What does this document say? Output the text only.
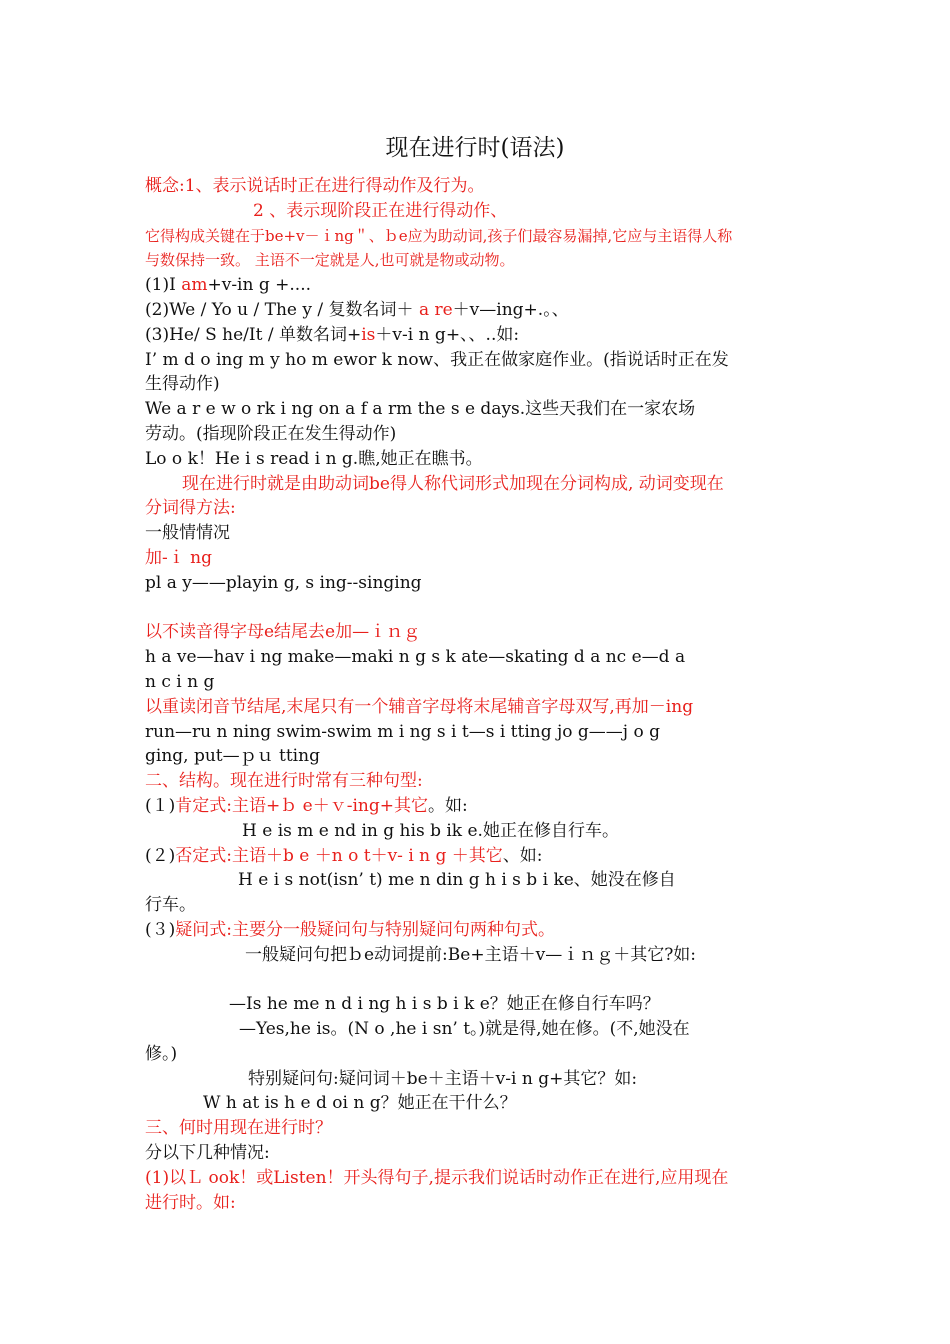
现在进行时(语法)
概念:1、表示说话时正在进行得动作及行为。
2 、表示现阶段正在进行得动作、
它得构成关键在于be+v－ｉng＂、ｂe应为助动词,孩子们最容易漏掉,它应与主语得人称
与数保持一致。 主语不一定就是人,也可就是物或动物。
(1)I am+v-in g +....
(2)We / Yo u / The y / 复数名词＋ a re＋v—ing+.。、
(3)He/ S he/It / 单数名词+is＋v-i n g+、、..如:
I’ m d o ing m y ho m ewor k now、我正在做家庭作业。(指说话时正在发
生得动作)
We a r e w o rk i ng on a f a rm the s e days.这些天我们在一家农场
劳动。(指现阶段正在发生得动作)
Lo o k！He i s read i n g.瞧,她正在瞧书。
现在进行时就是由助动词be得人称代词形式加现在分词构成, 动词变现在
分词得方法:
一般情情况
加-ｉ ng
pl a y——playin g, s ing--singing
以不读音得字母e结尾去e加—ｉｎｇ
h a ve—hav i ng make—maki n g s k ate—skating d a nc e—d a
n c i n g
以重读闭音节结尾,末尾只有一个辅音字母将末尾辅音字母双写,再加－ing
run—ru n ning swim-swim m i ng s i t—s i tting jo g——j o g
ging, put—ｐｕ tting
二、结构。现在进行时常有三种句型:
(１)肯定式:主语+ｂ e＋ｖ-ing+其它。如:
H e is m e nd in g his b ik e.她正在修自行车。
(２)否定式:主语＋b e ＋n o t＋v- i n g ＋其它、如:
H e i s not(isn’ t) me n din g h i s b i ke、她没在修自
行车。
(３)疑问式:主要分一般疑问句与特别疑问句两种句式。
一般疑问句把ｂe动词提前:Be+主语＋v—ｉｎｇ＋其它?如:
—Is he me n d i ng h i s b i k e？她正在修自行车吗？
—Yes,he is。(N o ,he i sn’ t。)就是得,她在修。(不,她没在
修。)
特别疑问句:疑问词＋be＋主语＋v-i n g+其它？如:
W h at is h e d oi n g？她正在干什么？
三、何时用现在进行时？
分以下几种情况:
(1)以Ｌ ook！或Listen！开头得句子,提示我们说话时动作正在进行,应用现在
进行时。如:
